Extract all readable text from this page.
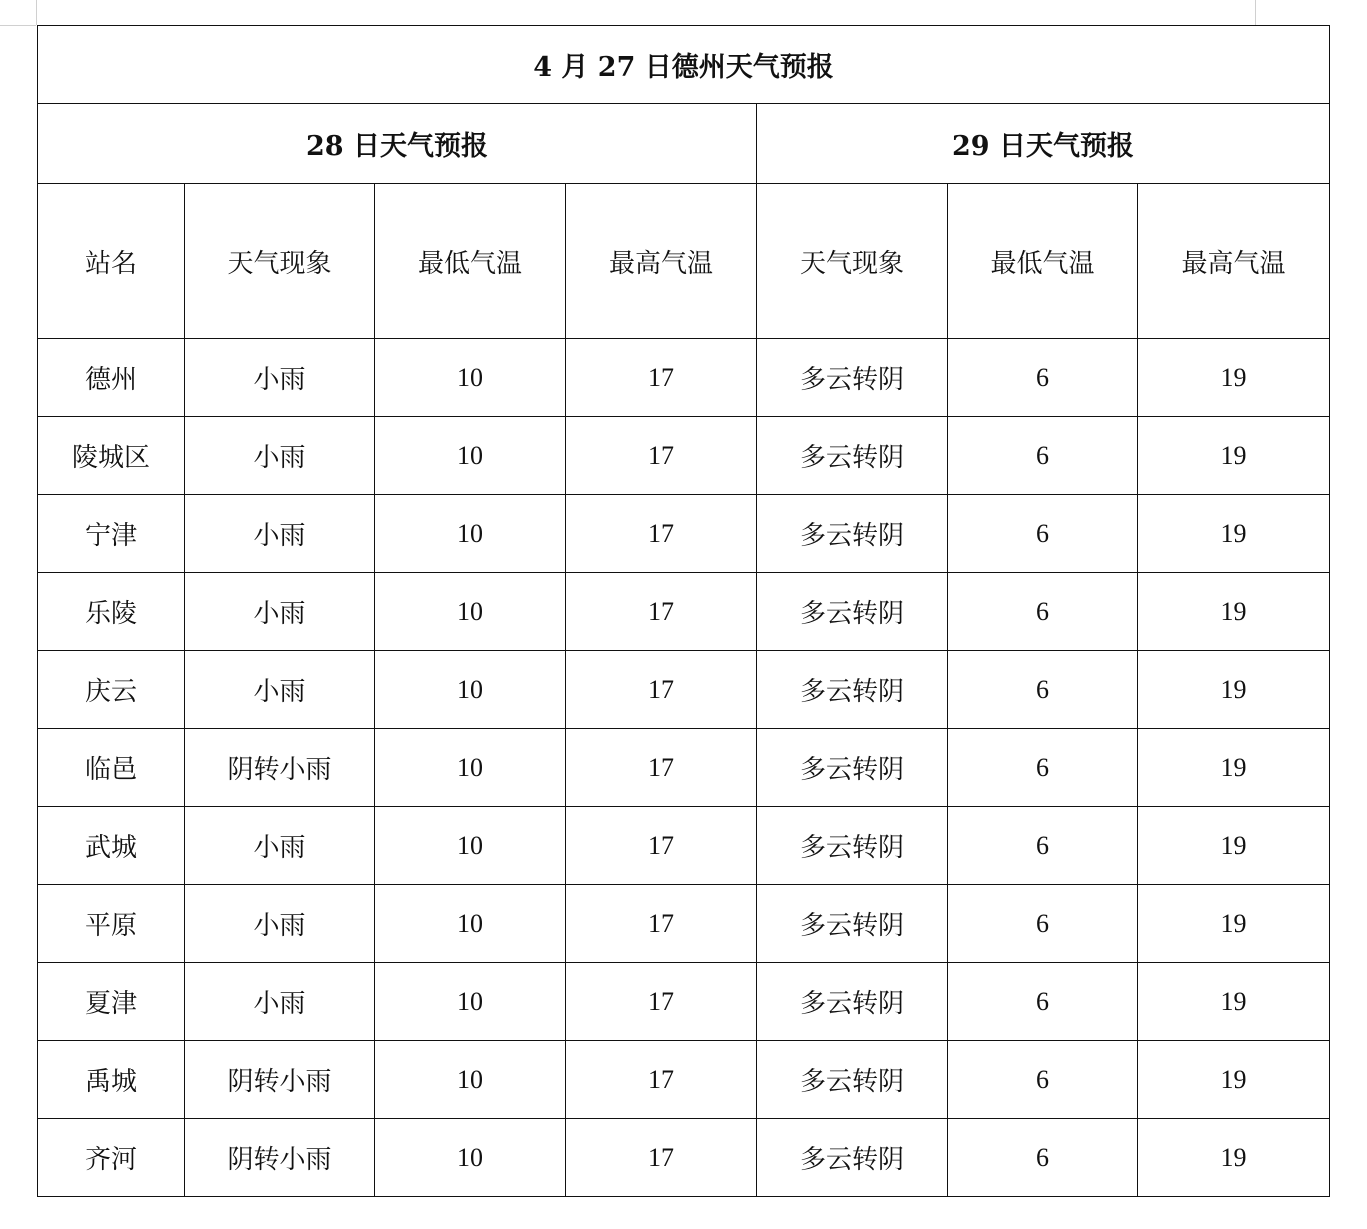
4 月 27 日德州天气预报						
28 日天气预报				29 日天气预报		
站名	天气现象	最低气温	最高气温	天气现象	最低气温	最高气温
德州	小雨	10	17	多云转阴	6	19
陵城区	小雨	10	17	多云转阴	6	19
宁津	小雨	10	17	多云转阴	6	19
乐陵	小雨	10	17	多云转阴	6	19
庆云	小雨	10	17	多云转阴	6	19
临邑	阴转小雨	10	17	多云转阴	6	19
武城	小雨	10	17	多云转阴	6	19
平原	小雨	10	17	多云转阴	6	19
夏津	小雨	10	17	多云转阴	6	19
禹城	阴转小雨	10	17	多云转阴	6	19
齐河	阴转小雨	10	17	多云转阴	6	19
